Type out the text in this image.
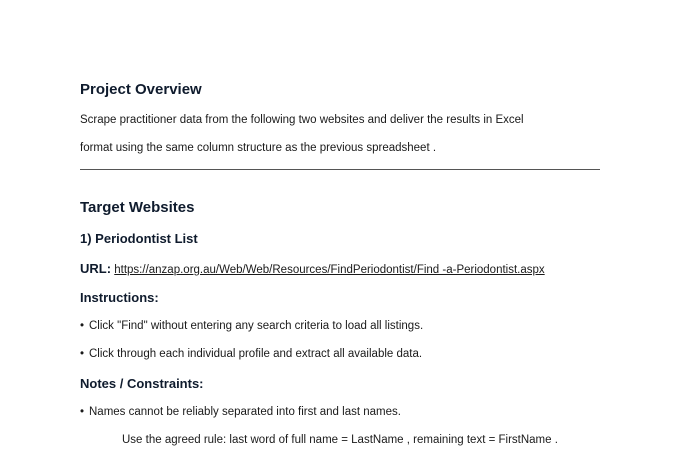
Project Overview
Scrape practitioner data from the following two websites and deliver the results in Excel
format using the same column structure as the previous spreadsheet .
Target Websites
1) Periodontist List
URL: https://anzap.org.au/Web/Web/Resources/FindPeriodontist/Find -a-Periodontist.aspx
Instructions:
• Click "Find" without entering any search criteria to load all listings.
• Click through each individual profile and extract all available data.
Notes / Constraints:
• Names cannot be reliably separated into first and last names.
Use the agreed rule: last word of full name = LastName , remaining text = FirstName .
